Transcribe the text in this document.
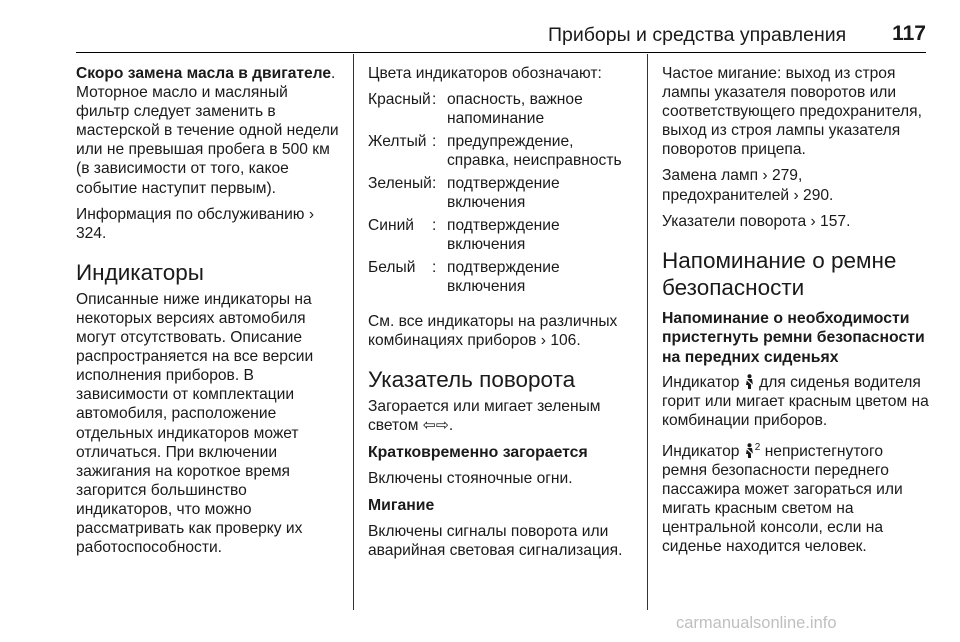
Приборы и средства управления 117

Скоро замена масла в двигателе. Моторное масло и масляный фильтр следует заменить в мастерской в течение одной недели или не превышая пробега в 500 км (в зависимости от того, какое событие наступит первым).

Информация по обслуживанию › 324.

Индикаторы

Описанные ниже индикаторы на некоторых версиях автомобиля могут отсутствовать. Описание распространяется на все версии исполнения приборов. В зависимости от комплектации автомобиля, расположение отдельных индикаторов может отличаться. При включении зажигания на короткое время загорится большинство индикаторов, что можно рассматривать как проверку их работоспособности.

Цвета индикаторов обозначают:

Красный	:	опасность, важное напоминание
Желтый	:	предупреждение, справка, неисправность
Зеленый	:	подтверждение включения
Синий	:	подтверждение включения
Белый	:	подтверждение включения

См. все индикаторы на различных комбинациях приборов › 106.

Указатель поворота

Загорается или мигает зеленым светом ⇦⇨.

Кратковременно загорается

Включены стояночные огни.

Мигание

Включены сигналы поворота или аварийная световая сигнализация.

Частое мигание: выход из строя лампы указателя поворотов или соответствующего предохранителя, выход из строя лампы указателя поворотов прицепа.

Замена ламп › 279, предохранителей › 290.

Указатели поворота › 157.

Напоминание о ремне безопасности
Напоминание о необходимости пристегнуть ремни безопасности на передних сиденьях

Индикатор для сиденья водителя горит или мигает красным цветом на комбинации приборов.

Индикатор $^2$ непристегнутого ремня безопасности переднего пассажира может загораться или мигать красным светом на центральной консоли, если на сиденье находится человек.

carmanualsonline.info
